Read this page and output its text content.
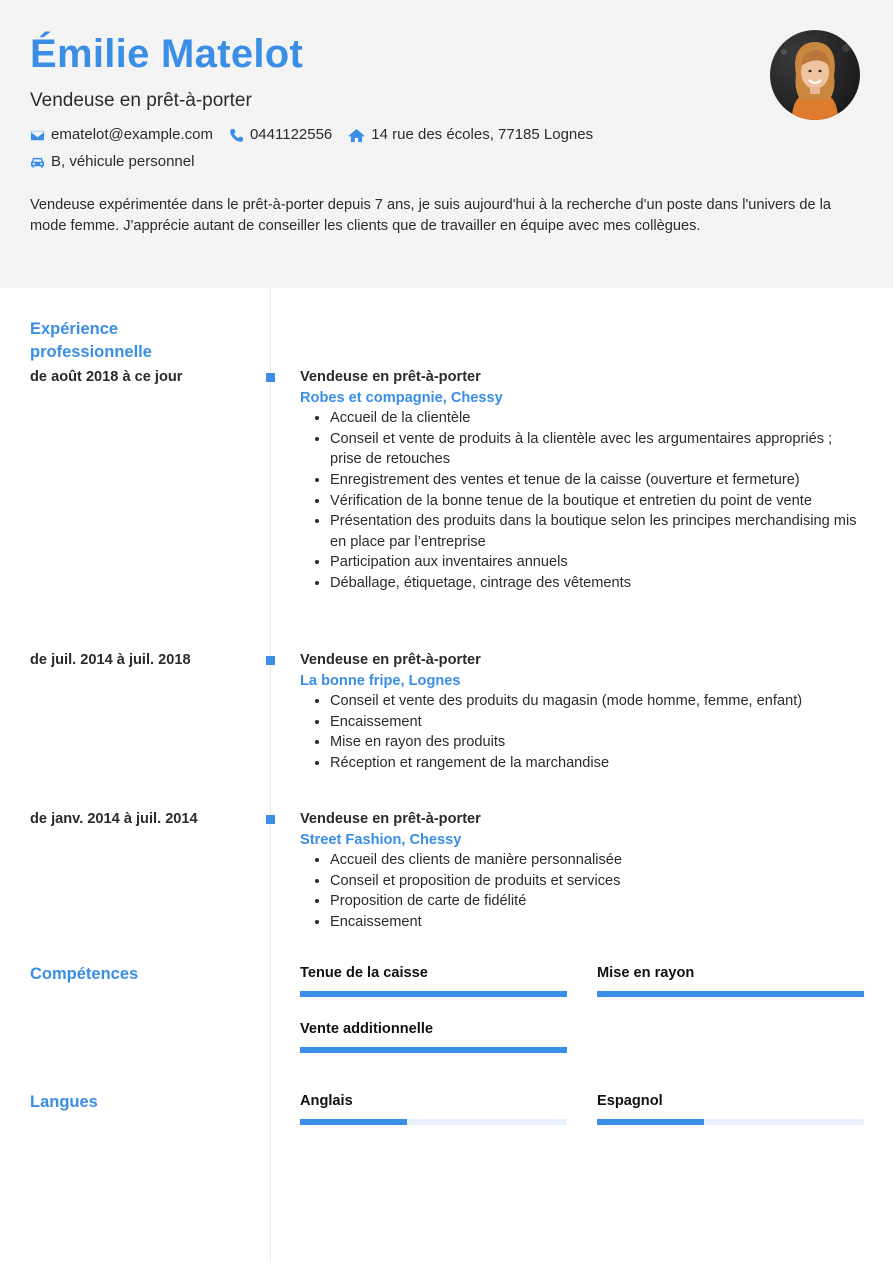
Émilie Matelot
Vendeuse en prêt-à-porter
ematelot@example.com 0441122556	14 rue des écoles, 77185 Lognes
B, véhicule personnel
Vendeuse expérimentée dans le prêt-à-porter depuis 7 ans, je suis aujourd'hui à la recherche d'un poste dans l'univers de la mode femme. J'apprécie autant de conseiller les clients que de travailler en équipe avec mes collègues.
Expérience professionnelle
de août 2018 à ce jour	Vendeuse en prêt-à-porter
Robes et compagnie, Chessy
• Accueil de la clientèle
• Conseil et vente de produits à la clientèle avec les argumentaires appropriés ; prise de retouches
• Enregistrement des ventes et tenue de la caisse (ouverture et fermeture)
• Vérification de la bonne tenue de la boutique et entretien du point de vente
• Présentation des produits dans la boutique selon les principes merchandising mis en place par l’entreprise
• Participation aux inventaires annuels
• Déballage, étiquetage, cintrage des vêtements
de juil. 2014 à juil. 2018	Vendeuse en prêt-à-porter
La bonne fripe, Lognes
• Conseil et vente des produits du magasin (mode homme, femme, enfant)
• Encaissement
• Mise en rayon des produits
• Réception et rangement de la marchandise
de janv. 2014 à juil. 2014	Vendeuse en prêt-à-porter
Street Fashion, Chessy
• Accueil des clients de manière personnalisée
• Conseil et proposition de produits et services
• Proposition de carte de fidélité
• Encaissement
Compétences	Tenue de la caisse	Mise en rayon
Vente additionnelle
Langues	Anglais	Espagnol
